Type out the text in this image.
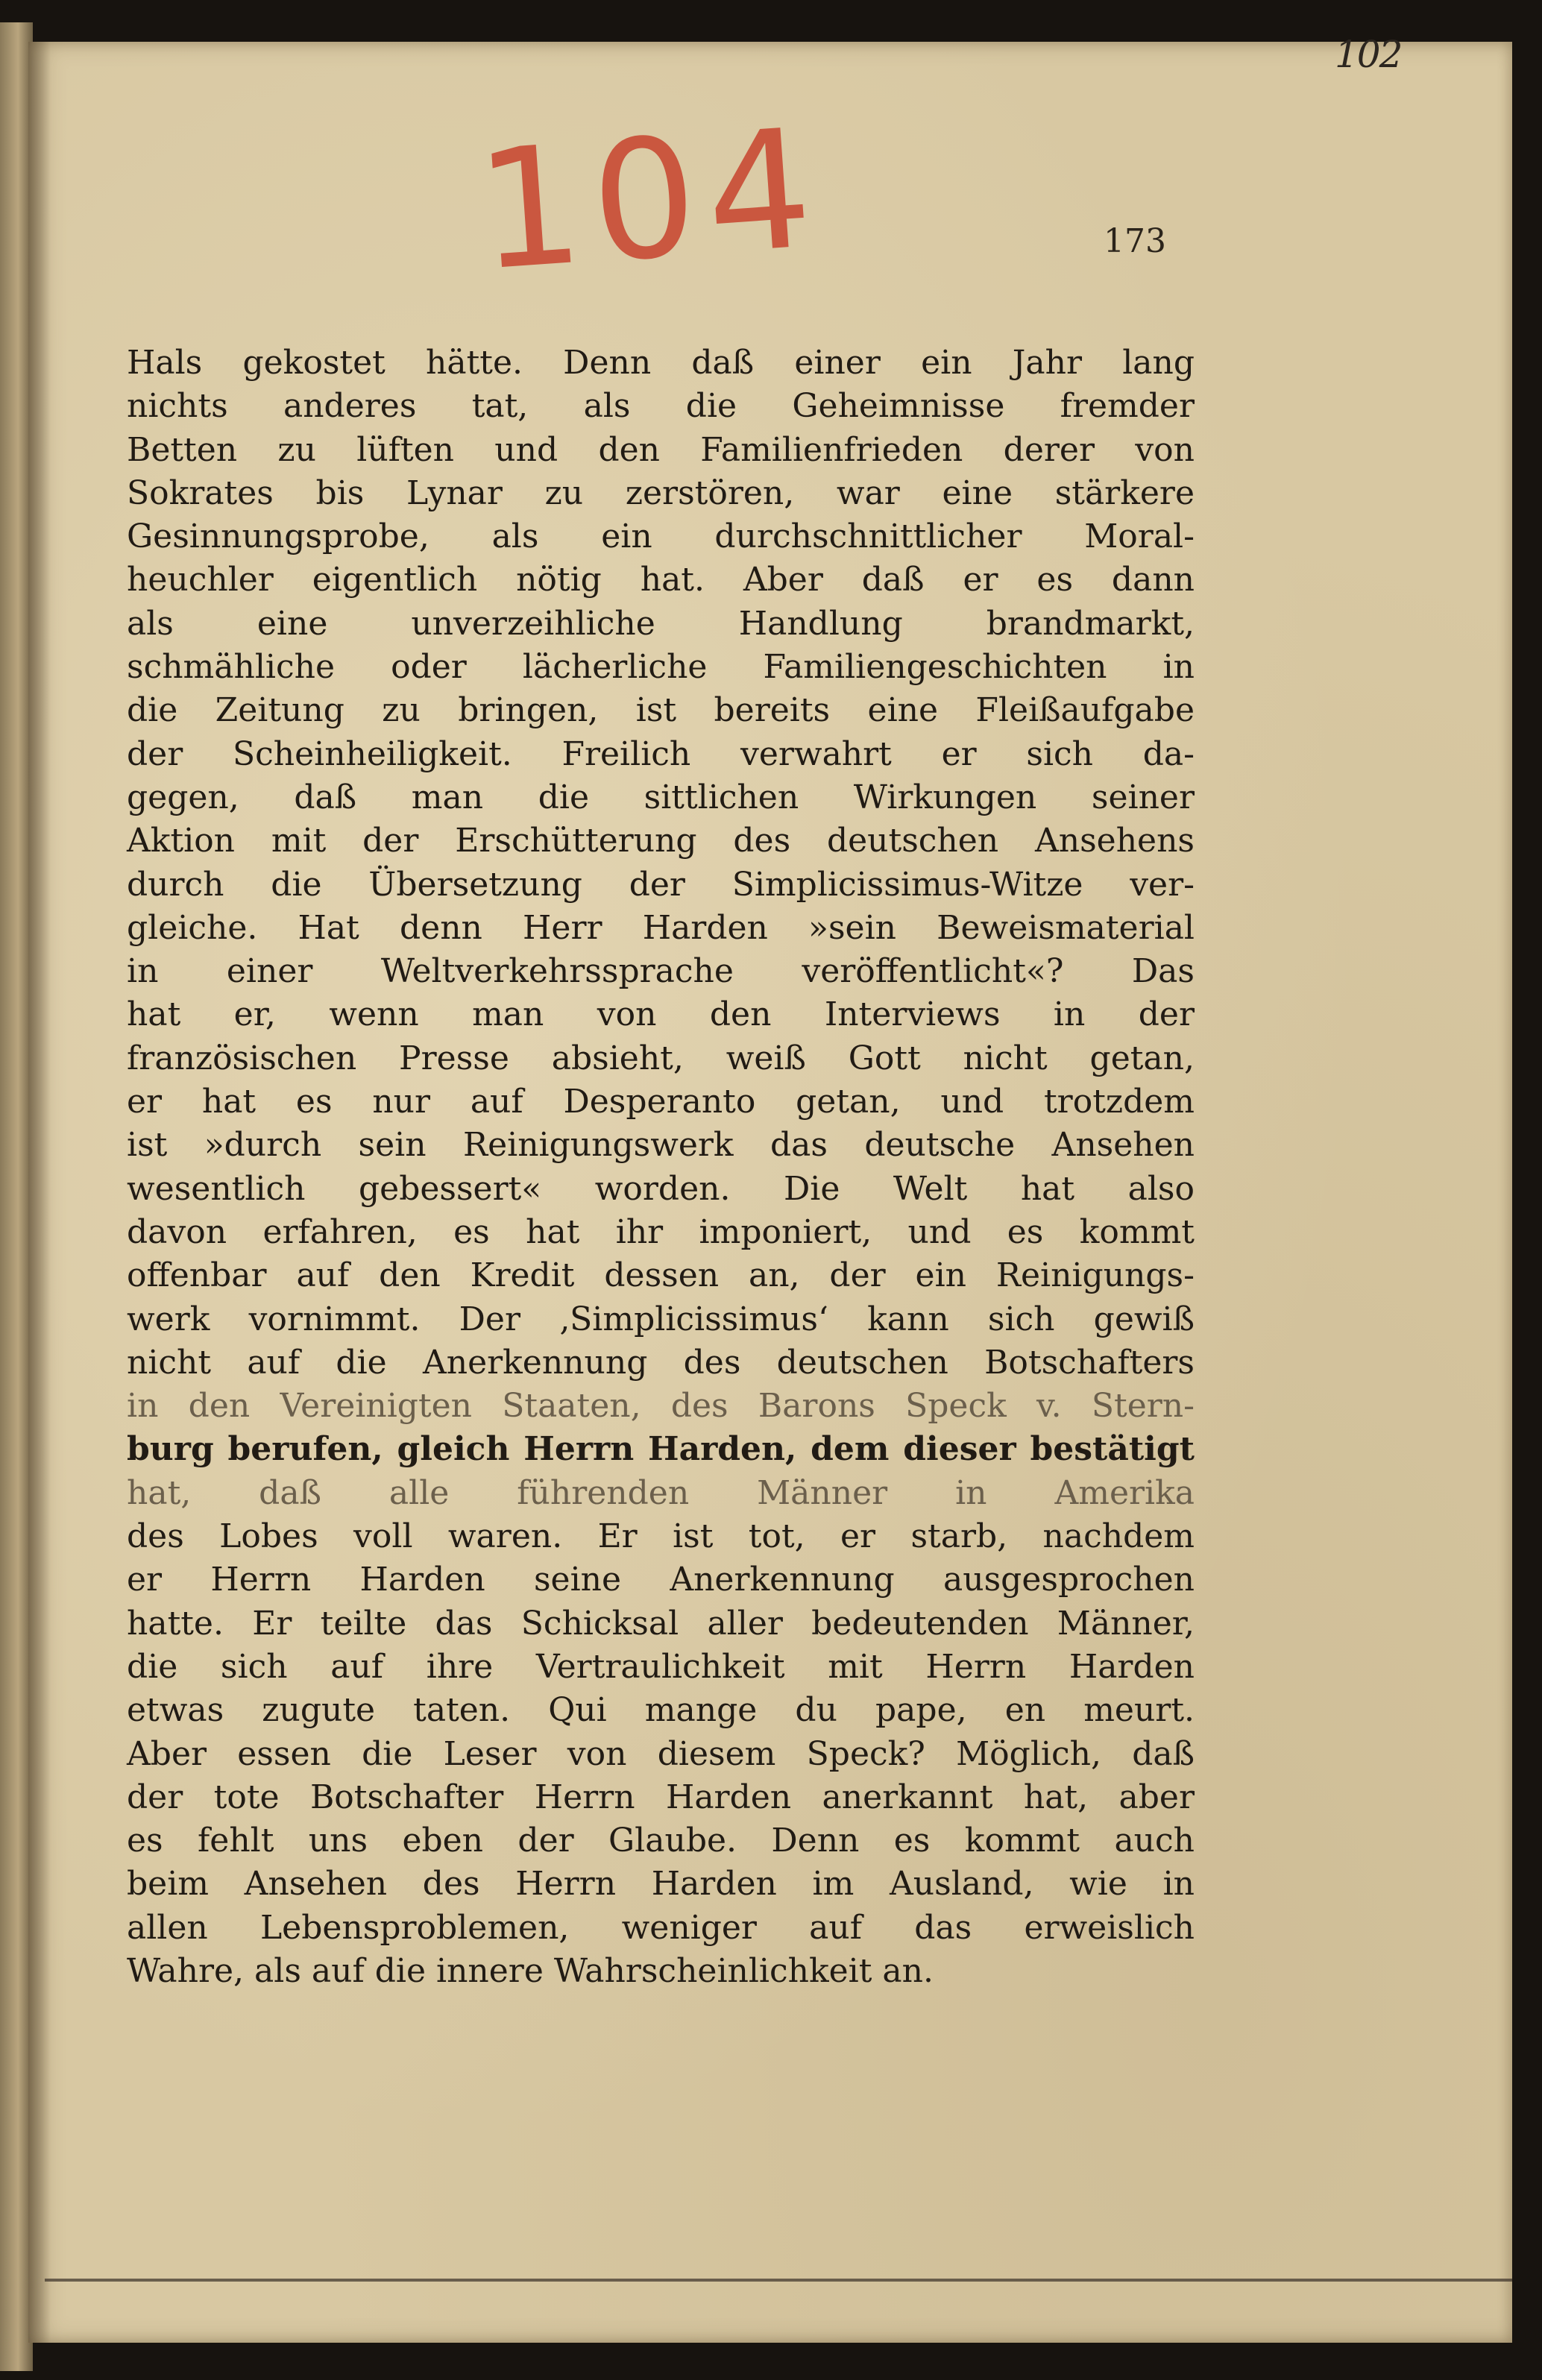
102
104	173
Hals gekostet hätte. Denn daß einer ein Jahr lang
nichts anderes tat, als die Geheimnisse fremder
Betten zu lüften und den Familienfrieden derer von
Sokrates bis Lynar zu zerstören, war eine stärkere
Gesinnungsprobe, als ein durchschnittlicher Moral-
heuchler eigentlich nötig hat. Aber daß er es dann
als eine unverzeihliche Handlung brandmarkt,
schmähliche oder lächerliche Familiengeschichten in
die Zeitung zu bringen, ist bereits eine Fleißaufgabe
der Scheinheiligkeit. Freilich verwahrt er sich da-
gegen, daß man die sittlichen Wirkungen seiner
Aktion mit der Erschütterung des deutschen Ansehens
durch die Übersetzung der Simplicissimus-Witze ver-
gleiche. Hat denn Herr Harden »sein Beweismaterial
in einer Weltverkehrssprache veröffentlicht«? Das
hat er, wenn man von den Interviews in der
französischen Presse absieht, weiß Gott nicht getan,
er hat es nur auf Desperanto getan, und trotzdem
ist »durch sein Reinigungswerk das deutsche Ansehen
wesentlich gebessert« worden. Die Welt hat also
davon erfahren, es hat ihr imponiert, und es kommt
offenbar auf den Kredit dessen an, der ein Reinigungs-
werk vornimmt. Der ‚Simplicissimus‘ kann sich gewiß
nicht auf die Anerkennung des deutschen Botschafters
in den Vereinigten Staaten, des Barons Speck v. Stern-
burg berufen, gleich Herrn Harden, dem dieser bestätigt
hat, daß alle führenden Männer in Amerika
des Lobes voll waren. Er ist tot, er starb, nachdem
er Herrn Harden seine Anerkennung ausgesprochen
hatte. Er teilte das Schicksal aller bedeutenden Männer,
die sich auf ihre Vertraulichkeit mit Herrn Harden
etwas zugute taten. Qui mange du pape, en meurt.
Aber essen die Leser von diesem Speck? Möglich, daß
der tote Botschafter Herrn Harden anerkannt hat, aber
es fehlt uns eben der Glaube. Denn es kommt auch
beim Ansehen des Herrn Harden im Ausland, wie in
allen Lebensproblemen, weniger auf das erweislich
Wahre, als auf die innere Wahrscheinlichkeit an.
